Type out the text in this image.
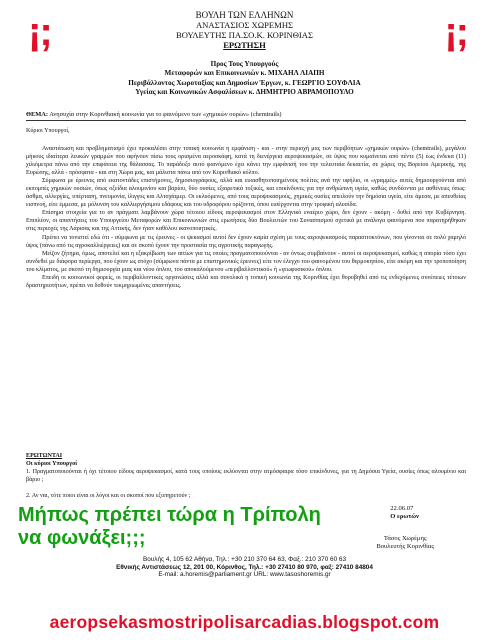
¡;	¡;
ΒΟΥΛΗ ΤΩΝ ΕΛΛΗΝΩΝ
ΑΝΑΣΤΑΣΙΟΣ ΧΩΡΕΜΗΣ
ΒΟΥΛΕΥΤΗΣ ΠΑ.ΣΟ.Κ. ΚΟΡΙΝΘΙΑΣ
ΕΡΩΤΗΣΗ
Προς Τους Υπουργούς
Μεταφορών και Επικοινωνιών κ. ΜΙΧΑΗΛ ΛΙΑΠΗ
Περιβάλλοντος Χωροταξίας και Δημοσίων Έργων, κ. ΓΕΩΡΓΙΟ ΣΟΥΦΛΙΑ
Υγείας και Κοινωνικών Ασφαλίσεων κ. ΔΗΜΗΤΡΙΟ ΑΒΡΑΜΟΠΟΥΛΟ
ΘΕΜΑ: Ανησυχία στην Κορινθιακή κοινωνία για το φαινόμενο των «χημικών ουρών» (chemtrails)

Κύριοι Υπουργοί,

Αναστάτωση και προβληματισμό έχει προκαλέσει στην τοπική κοινωνία η εμφάνιση - και - στην περιοχή μας των περιβόητων «χημικών ουρών» (chemtrails), μεγάλου μήκους ιδιαίτερα λευκών γραμμών που αφήνουν πίσω τους ορισμένα αεροσκάφη, κατά τη διενέργεια αεροψεκασμών, σε ύψος που κυμαίνεται από πέντε (5) έως ένδεκα (11) χιλιόμετρα πάνω από την επιφάνεια της θάλασσας. Το παράδοξο αυτό φαινόμενο έχει κάνει την εμφάνισή του την τελευταία δεκαετία, σε χώρες της Βορείου Αμερικής, της Ευρώπης, αλλά - πρόσφατα - και στη Χώρα μας, και μάλιστα πάνω από τον Κορινθιακό κόλπο.

Σύμφωνα με έρευνες από εκατοντάδες επιστήμονες, δημοσιογράφους, αλλά και ευαισθητοποιημένους πολίτες ανά την υφήλιο, οι «γραμμές» αυτές δημιουργούνται από εκπομπές χημικών ουσιών, όπως οξείδια αλουμινίου και βαρίου, δύο ουσίες εξαιρετικά τοξικές, και επικίνδυνες για την ανθρώπινη υγεία, καθώς συνδέονται με ασθένειες όπως: άσθμα, αλλεργίες, υπέρταση, πνευμονία, ίλιγγος και Αλτσχάιμερ. Οι εκλυόμενες, από τους αεροψεκασμούς, χημικές ουσίες απειλούν την δημόσια υγεία, είτε άμεσα, με απευθείας εισπνοή, είτε έμμεσα, με μόλυνση του καλλιεργήσιμου εδάφους και του υδροφόρου ορίζοντα, όπου εισέρχονται στην τροφική αλυσίδα.

Επίσημα στοιχεία για το αν πράγματι λαμβάνουν χώρα τέτοιου είδους αεροψεκασμοί στον Ελληνικό εναέριο χώρο, δεν έχουν - ακόμη - δοθεί από την Κυβέρνηση. Επιπλέον, οι απαντήσεις του Υπουργείου Μεταφορών και Επικοινωνιών στις ερωτήσεις δύο Βουλευτών του Συνασπισμού σχετικά με ανάλογα φαινόμενα που παρατηρήθηκαν στις περιοχές της Λάρισας και της Αττικής, δεν ήταν καθόλου ικανοποιητικές.

Πρέπει να τονιστεί εδώ ότι - σύμφωνα με τις έρευνες - οι ψεκασμοί αυτοί δεν έχουν καμία σχέση με τους αεροψεκασμούς παρασιτοκτόνων, που γίνονται σε πολύ χαμηλό ύψος (πάνω από τις αγροκαλλιέργειες) και σε σκοπό έχουν την προστασία της αγροτικής παραγωγής.

Μείζον ζήτημα, όμως, αποτελεί και η εξακρίβωση των αιτίων για τις οποίες πραγματοποιούνται - αν όντως συμβαίνουν - αυτοί οι αεροψεκασμοί, καθώς η απορία τόσο έχει συνδεθεί με διάφορα περίεργα, που έχουν ως στόχο (σύμφωνα πάντα με επιστημονικές έρευνες) είτε τον έλεγχο του φαινομένου του θερμοκηπίου, είτε ακόμη και την τροποποίηση του κλίματος, με σκοπό τη δημιουργία μιας και νέου όπλου, του αποκαλούμενου «περιβαλλοντικού» ή «γεωφυσικού» όπλου.

Επειδή οι κοινωνικοί φορείς, οι περιβαλλοντικές οργανώσεις αλλά και συνολικά η τοπική κοινωνία της Κορινθίας έχει θορυβηθεί από τις ενδεχόμενες συνέπειες τέτοιων δραστηριοτήτων, πρέπει να δοθούν τεκμηριωμένες απαντήσεις.

ΕΡΩΤΩΝΤΑΙ
Οι κύριοι Υπουργοί

1. Πραγματοποιούνται ή όχι τέτοιου είδους αεροψεκασμοί, κατά τους οποίους εκλύονται στην ατμόσφαιρα τόσο επικίνδυνες, για τη Δημόσια Υγεία, ουσίες όπως αλουμίνιο και βάριο ;

2. Αν ναι, τότε ποιοι είναι οι λόγοι και οι σκοποί που εξυπηρετούν ;

22.06.07
Ο ερωτών
Μήπως πρέπει τώρα η Τρίπολη
να φωνάξει;;;	Τάσος Χωρέμης
Βουλευτής Κορινθίας
Βουλής 4, 105 62 Αθήνα, Τηλ.: +30 210 370 64 63, Φαξ.: 210 370 60 63
Εθνικής Αντιστάσεως 12, 201 00, Κόρινθος, Τηλ.: +30 27410 80 970, φαξ: 27410 84804
E-mail: a.horemis@parliament.gr URL: www.tasoshoremis.gr
aeropsekasmostripolisarcadias.blogspot.com
